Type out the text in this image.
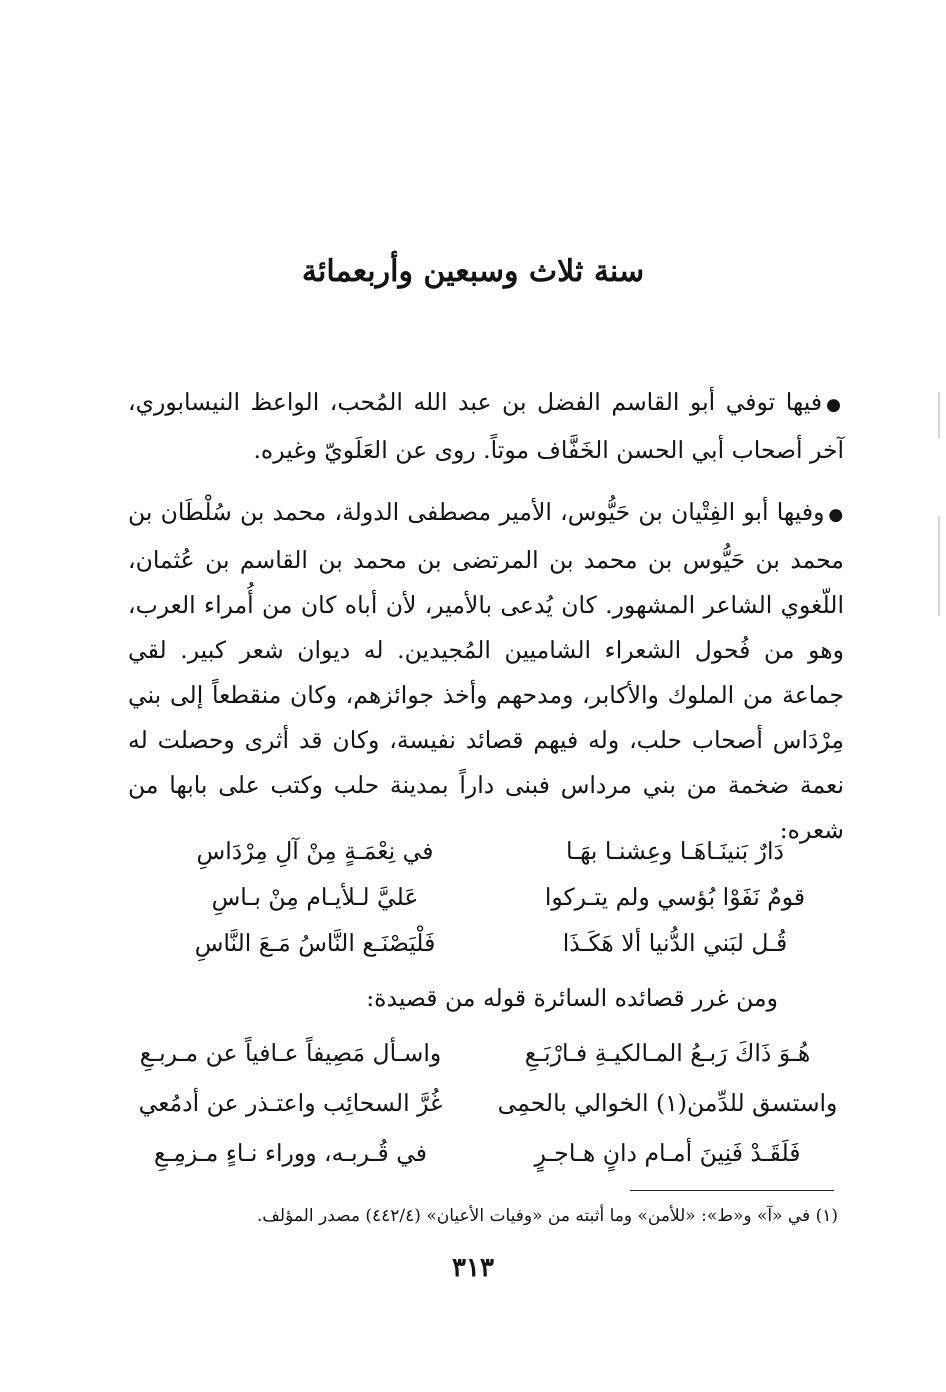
سنة ثلاث وسبعين وأربعمائة
●فيها توفي أبو القاسم الفضل بن عبد الله المُحب، الواعظ النيسابوري، آخر أصحاب أبي الحسن الخَفَّاف موتاً. روى عن العَلَويّ وغيره.
●وفيها أبو الفِتْيان بن حَيُّوس، الأمير مصطفى الدولة، محمد بن سُلْطَان بن محمد بن حَيُّوس بن محمد بن المرتضى بن محمد بن القاسم بن عُثمان، اللّغوي الشاعر المشهور. كان يُدعى بالأمير، لأن أباه كان من أُمراء العرب، وهو من فُحول الشعراء الشاميين المُجيدين. له ديوان شعر كبير. لقي جماعة من الملوك والأكابر، ومدحهم وأخذ جوائزهم، وكان منقطعاً إلى بني مِرْدَاس أصحاب حلب، وله فيهم قصائد نفيسة، وكان قد أثرى وحصلت له نعمة ضخمة من بني مرداس فبنى داراً بمدينة حلب وكتب على بابها من شعره:
دَارٌ بَنينَـاهَـا وعِشنـا بهَـا
في نِعْمَـةٍ مِنْ آلِ مِرْدَاسِ
قومٌ نَفَوْا بُؤسي ولم يتـركوا
عَليَّ لـلأيـام مِنْ بـاسِ
قُـل لبَني الدُّنيا ألا هَكَـذَا
فَلْيَصْنَـع النَّاسُ مَـعَ النَّاسِ
ومن غرر قصائده السائرة قوله من قصيدة:
هُـوَ ذَاكَ رَبـعُ المـالكيـةِ فـارْبَـعِ
واسـأل مَصِيفاً عـافياً عن مـربـعِ
واستسق للدِّمن(١) الخوالي بالحمِى
غُرَّ السحائِب واعتـذر عن أدمُعي
فَلَقَـدْ فَنِينَ أمـام دانٍ هـاجـرٍ
في قُـربـه، ووراء نـاءٍ مـزمِـعِ
(١) في «آ» و«ط»: «للأمن» وما أثبته من «وفيات الأعيان» (٤٤٢/٤) مصدر المؤلف.
٣١٣
